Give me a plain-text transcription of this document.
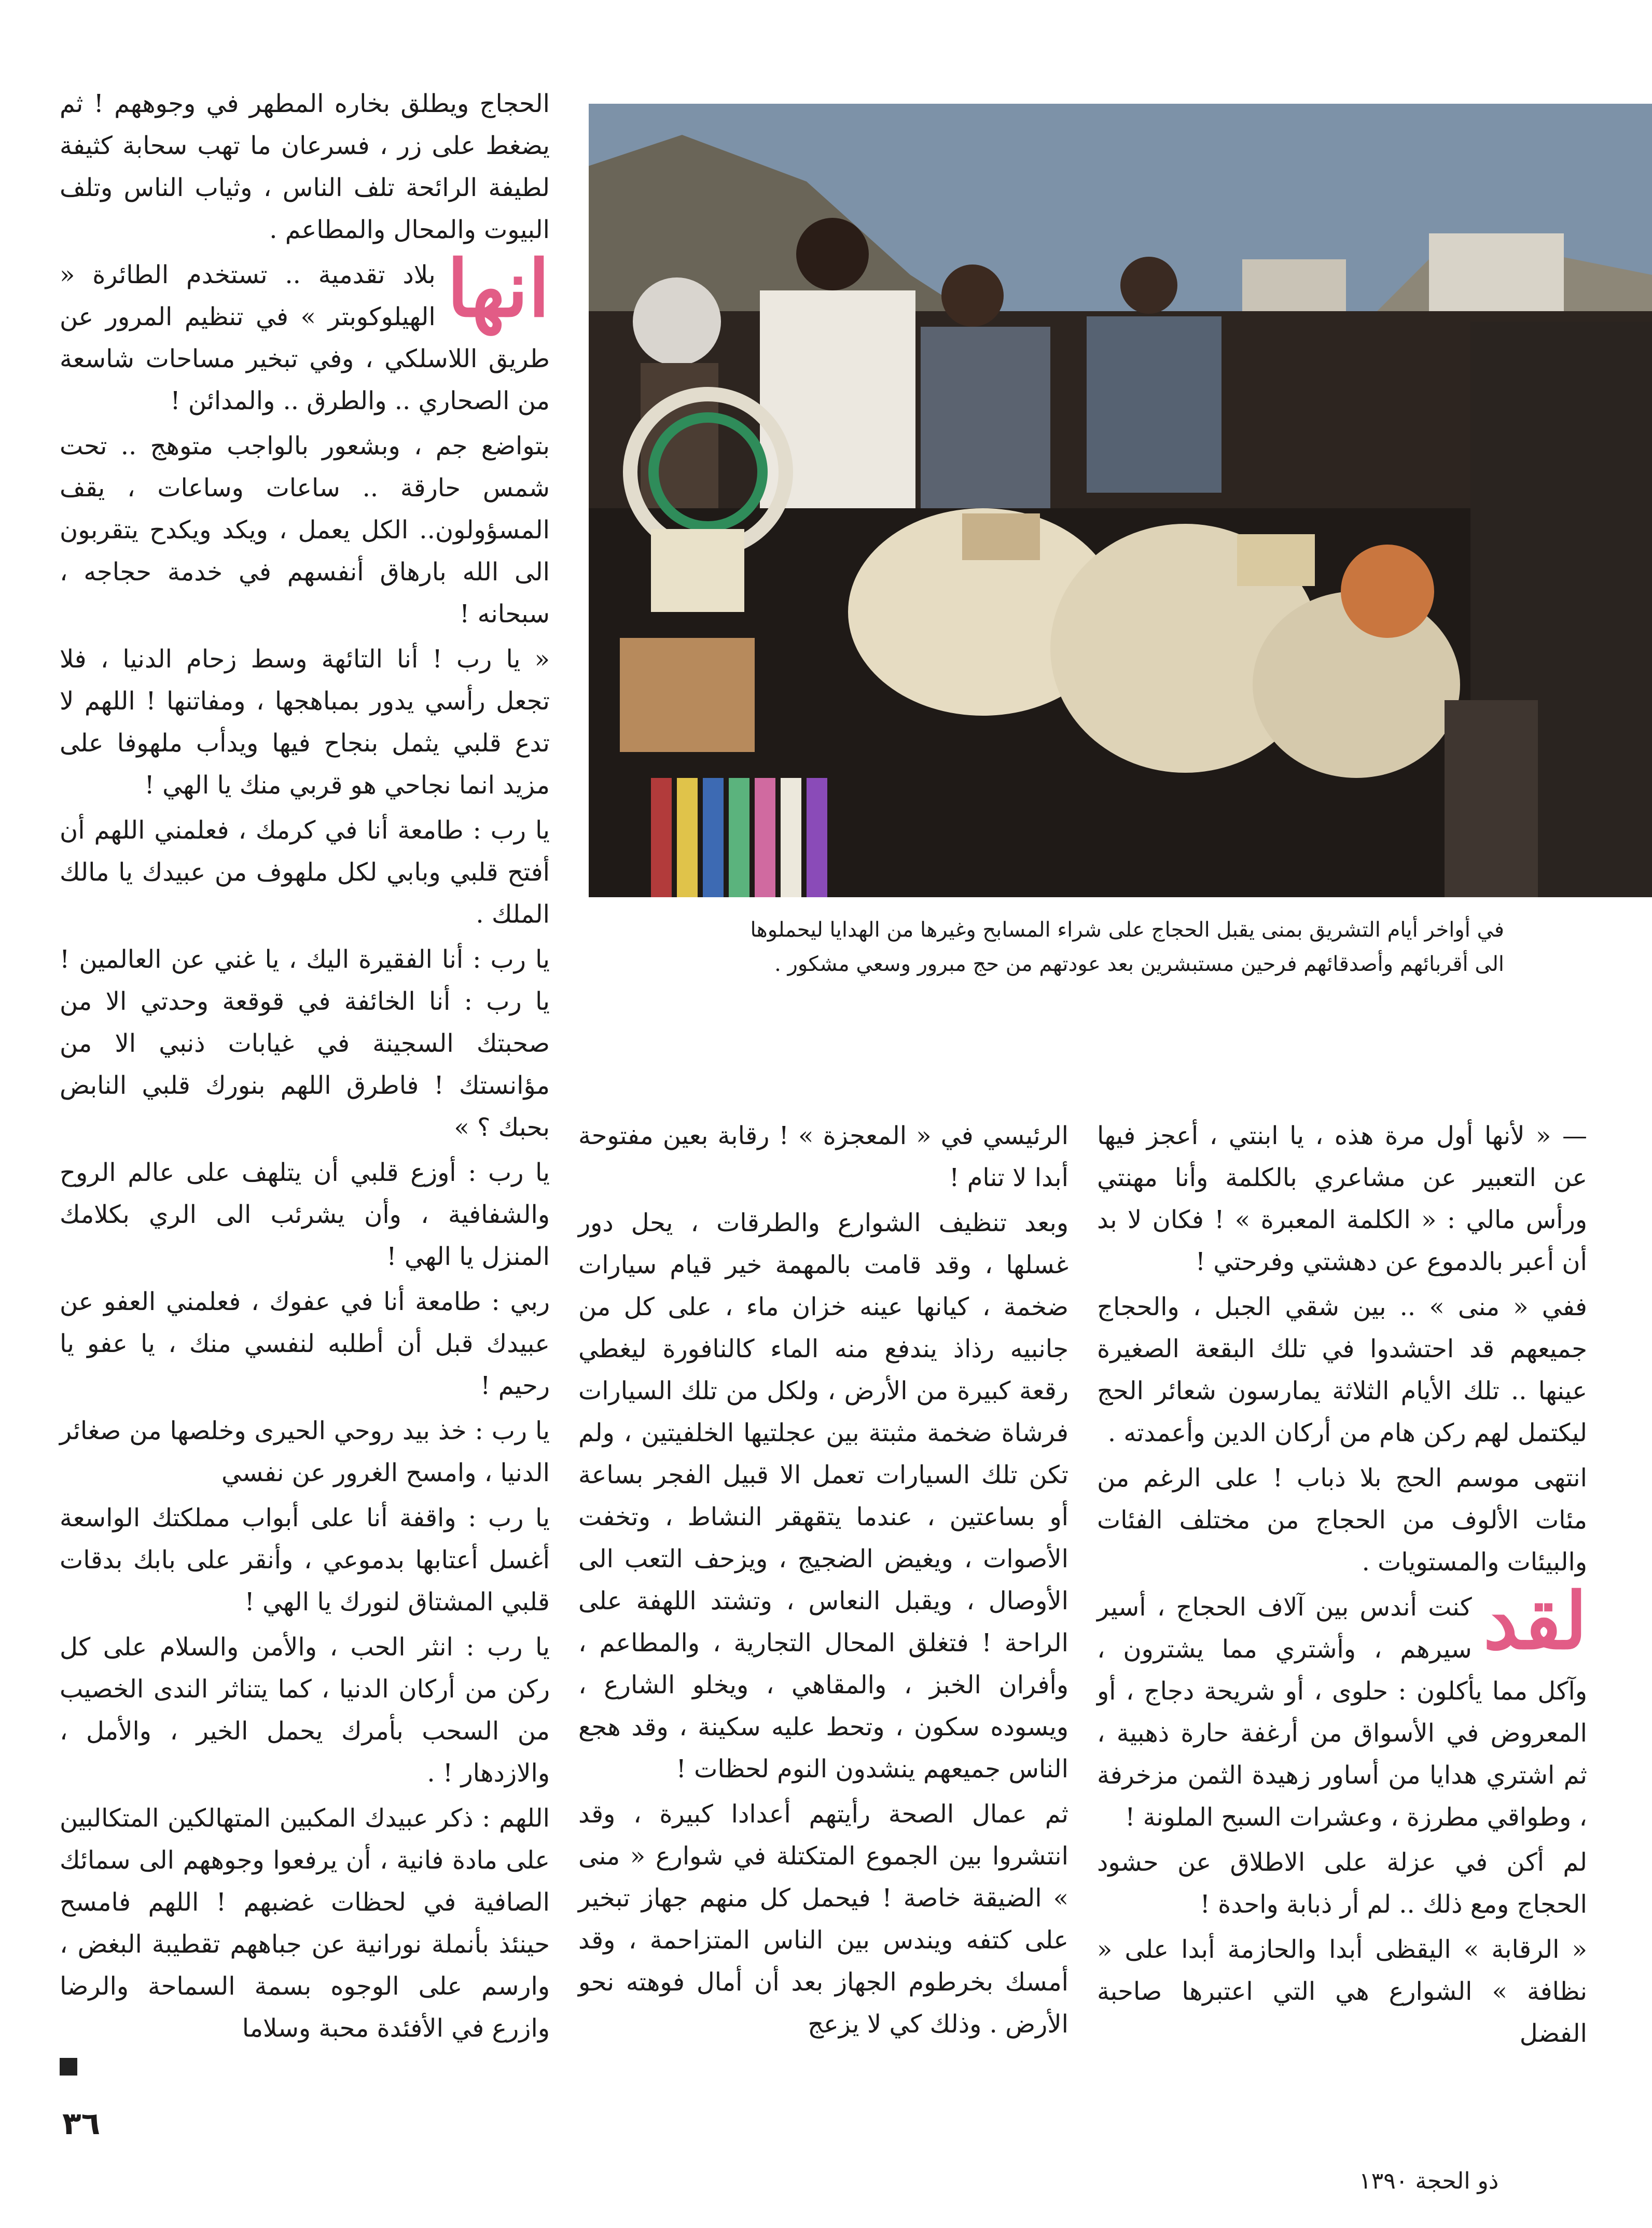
في أواخر أيام التشريق بمنى يقبل الحجاج على شراء المسابح وغيرها من الهدايا ليحملوها
الى أقربائهم وأصدقائهم فرحين مستبشرين بعد عودتهم من حج مبرور وسعي مشكور .

الحجاج ويطلق بخاره المطهر في وجوههم ! ثم يضغط على زر ، فسرعان ما تهب سحابة كثيفة لطيفة الرائحة تلف الناس ، وثياب الناس وتلف البيوت والمحال والمطاعم .

انها
بلاد تقدمية .. تستخدم الطائرة « الهيلوكوبتر » في تنظيم المرور عن طريق اللاسلكي ، وفي تبخير مساحات شاسعة من الصحاري .. والطرق .. والمدائن !

بتواضع جم ، وبشعور بالواجب متوهج .. تحت شمس حارقة .. ساعات وساعات ، يقف المسؤولون.. الكل يعمل ، ويكد ويكدح يتقربون الى الله بارهاق أنفسهم في خدمة حجاجه ، سبحانه !

« يا رب ! أنا التائهة وسط زحام الدنيا ، فلا تجعل رأسي يدور بمباهجها ، ومفاتنها ! اللهم لا تدع قلبي يثمل بنجاح فيها ويدأب ملهوفا على مزيد انما نجاحي هو قربي منك يا الهي !

يا رب : طامعة أنا في كرمك ، فعلمني اللهم أن أفتح قلبي وبابي لكل ملهوف من عبيدك يا مالك الملك .

يا رب : أنا الفقيرة اليك ، يا غني عن العالمين ! يا رب : أنا الخائفة في قوقعة وحدتي الا من صحبتك السجينة في غيابات ذنبي الا من مؤانستك ! فاطرق اللهم بنورك قلبي النابض بحبك ؟ »

يا رب : أوزع قلبي أن يتلهف على عالم الروح والشفافية ، وأن يشرئب الى الري بكلامك المنزل يا الهي !

ربي : طامعة أنا في عفوك ، فعلمني العفو عن عبيدك قبل أن أطلبه لنفسي منك ، يا عفو يا رحيم !

يا رب : خذ بيد روحي الحيرى وخلصها من صغائر الدنيا ، وامسح الغرور عن نفسي

يا رب : واقفة أنا على أبواب مملكتك الواسعة أغسل أعتابها بدموعي ، وأنقر على بابك بدقات قلبي المشتاق لنورك يا الهي !

يا رب : انثر الحب ، والأمن والسلام على كل ركن من أركان الدنيا ، كما يتناثر الندى الخصيب من السحب بأمرك يحمل الخير ، والأمل ، والازدهار ! .

اللهم : ذكر عبيدك المكبين المتهالكين المتكالبين على مادة فانية ، أن يرفعوا وجوههم الى سمائك الصافية في لحظات غضبهم ! اللهم فامسح حينئذ بأنملة نورانية عن جباههم تقطيبة البغض ، وارسم على الوجوه بسمة السماحة والرضا وازرع في الأفئدة محبة وسلاما

— « لأنها أول مرة هذه ، يا ابنتي ، أعجز فيها عن التعبير عن مشاعري بالكلمة وأنا مهنتي ورأس مالي : « الكلمة المعبرة » ! فكان لا بد أن أعبر بالدموع عن دهشتي وفرحتي !

ففي « منى » .. بين شقي الجبل ، والحجاج جميعهم قد احتشدوا في تلك البقعة الصغيرة عينها .. تلك الأيام الثلاثة يمارسون شعائر الحج ليكتمل لهم ركن هام من أركان الدين وأعمدته .

انتهى موسم الحج بلا ذباب ! على الرغم من مئات الألوف من الحجاج من مختلف الفئات والبيئات والمستويات .

لقد
كنت أندس بين آلاف الحجاج ، أسير سيرهم ، وأشتري مما يشترون ، وآكل مما يأكلون : حلوى ، أو شريحة دجاج ، أو المعروض في الأسواق من أرغفة حارة ذهبية ، ثم اشتري هدايا من أساور زهيدة الثمن مزخرفة ، وطواقي مطرزة ، وعشرات السبح الملونة !

لم أكن في عزلة على الاطلاق عن حشود الحجاج ومع ذلك .. لم أر ذبابة واحدة !

« الرقابة » اليقظى أبدا والحازمة أبدا على « نظافة » الشوارع هي التي اعتبرها صاحبة الفضل

الرئيسي في « المعجزة » ! رقابة بعين مفتوحة أبدا لا تنام !

وبعد تنظيف الشوارع والطرقات ، يحل دور غسلها ، وقد قامت بالمهمة خير قيام سيارات ضخمة ، كيانها عينه خزان ماء ، على كل من جانبيه رذاذ يندفع منه الماء كالنافورة ليغطي رقعة كبيرة من الأرض ، ولكل من تلك السيارات فرشاة ضخمة مثبتة بين عجلتيها الخلفيتين ، ولم تكن تلك السيارات تعمل الا قبيل الفجر بساعة أو بساعتين ، عندما يتقهقر النشاط ، وتخفت الأصوات ، ويغيض الضجيج ، ويزحف التعب الى الأوصال ، ويقبل النعاس ، وتشتد اللهفة على الراحة ! فتغلق المحال التجارية ، والمطاعم ، وأفران الخبز ، والمقاهي ، ويخلو الشارع ، ويسوده سكون ، وتحط عليه سكينة ، وقد هجع الناس جميعهم ينشدون النوم لحظات !

ثم عمال الصحة رأيتهم أعدادا كبيرة ، وقد انتشروا بين الجموع المتكتلة في شوارع « منى » الضيقة خاصة ! فيحمل كل منهم جهاز تبخير على كتفه ويندس بين الناس المتزاحمة ، وقد أمسك بخرطوم الجهاز بعد أن أمال فوهته نحو الأرض . وذلك كي لا يزعج

٣٦
ذو الحجة ١٣٩٠
